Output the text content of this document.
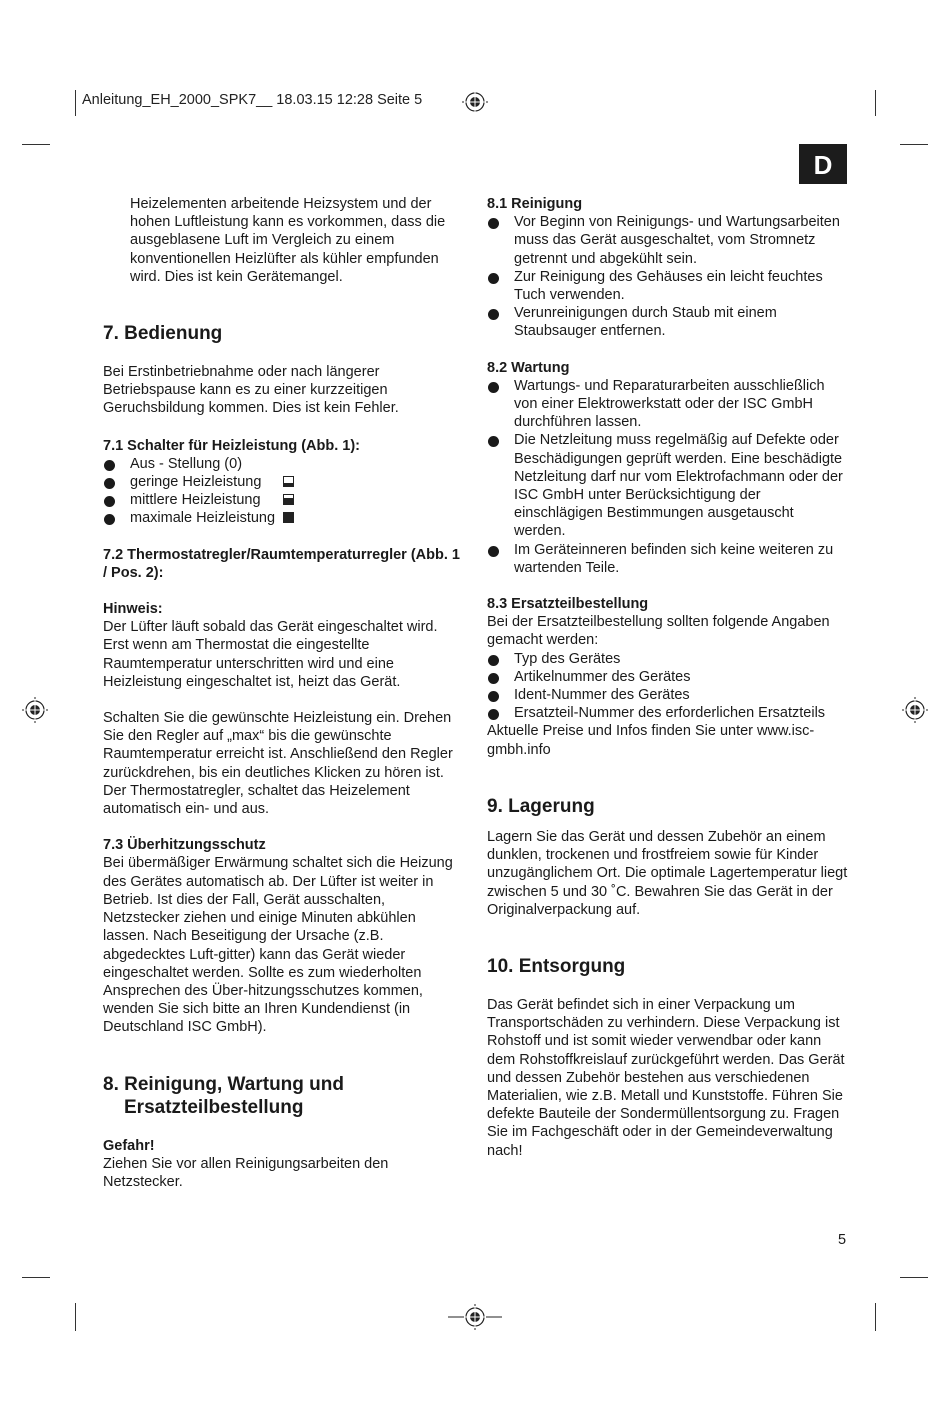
Anleitung_EH_2000_SPK7__ 18.03.15 12:28 Seite 5
D

Heizelementen arbeitende Heizsystem und der hohen Luftleistung kann es vorkommen, dass die ausgeblasene Luft im Vergleich zu einem konventionellen Heizlüfter als kühler empfunden wird. Dies ist kein Gerätemangel.

7. Bedienung

Bei Erstinbetriebnahme oder nach längerer Betriebspause kann es zu einer kurzzeitigen Geruchsbildung kommen. Dies ist kein Fehler.

7.1 Schalter für Heizleistung (Abb. 1):

Aus - Stellung (0)
geringe Heizleistung
mittlere Heizleistung
maximale Heizleistung

7.2 Thermostatregler/Raumtemperaturregler (Abb. 1 / Pos. 2):

Hinweis:

Der Lüfter läuft sobald das Gerät eingeschaltet wird. Erst wenn am Thermostat die eingestellte Raumtemperatur unterschritten wird und eine Heizleistung eingeschaltet ist, heizt das Gerät.

Schalten Sie die gewünschte Heizleistung ein. Drehen Sie den Regler auf „max“ bis die gewünschte Raumtemperatur erreicht ist. Anschließend den Regler zurückdrehen, bis ein deutliches Klicken zu hören ist. Der Thermostatregler, schaltet das Heizelement automatisch ein- und aus.

7.3 Überhitzungsschutz

Bei übermäßiger Erwärmung schaltet sich die Heizung des Gerätes automatisch ab. Der Lüfter ist weiter in Betrieb. Ist dies der Fall, Gerät ausschalten, Netzstecker ziehen und einige Minuten abkühlen lassen. Nach Beseitigung der Ursache (z.B. abgedecktes Luft-gitter) kann das Gerät wieder eingeschaltet werden. Sollte es zum wiederholten Ansprechen des Über-hitzungsschutzes kommen, wenden Sie sich bitte an Ihren Kundendienst (in Deutschland ISC GmbH).

8. Reinigung, Wartung und
Ersatzteilbestellung

Gefahr!

Ziehen Sie vor allen Reinigungsarbeiten den Netzstecker.

8.1 Reinigung

Vor Beginn von Reinigungs- und Wartungsarbeiten muss das Gerät ausgeschaltet, vom Stromnetz getrennt und abgekühlt sein.
Zur Reinigung des Gehäuses ein leicht feuchtes Tuch verwenden.
Verunreinigungen durch Staub mit einem Staubsauger entfernen.

8.2 Wartung

Wartungs- und Reparaturarbeiten ausschließlich von einer Elektrowerkstatt oder der ISC GmbH durchführen lassen.
Die Netzleitung muss regelmäßig auf Defekte oder Beschädigungen geprüft werden. Eine beschädigte Netzleitung darf nur vom Elektrofachmann oder der ISC GmbH unter Berücksichtigung der einschlägigen Bestimmungen ausgetauscht werden.
Im Geräteinneren befinden sich keine weiteren zu wartenden Teile.

8.3 Ersatzteilbestellung

Bei der Ersatzteilbestellung sollten folgende Angaben gemacht werden:

Typ des Gerätes
Artikelnummer des Gerätes
Ident-Nummer des Gerätes
Ersatzteil-Nummer des erforderlichen Ersatzteils

Aktuelle Preise und Infos finden Sie unter www.isc-gmbh.info

9. Lagerung

Lagern Sie das Gerät und dessen Zubehör an einem dunklen, trockenen und frostfreiem sowie für Kinder unzugänglichem Ort. Die optimale Lagertemperatur liegt zwischen 5 und 30 ˚C. Bewahren Sie das Gerät in der Originalverpackung auf.

10. Entsorgung

Das Gerät befindet sich in einer Verpackung um Transportschäden zu verhindern. Diese Verpackung ist Rohstoff und ist somit wieder verwendbar oder kann dem Rohstoffkreislauf zurückgeführt werden. Das Gerät und dessen Zubehör bestehen aus verschiedenen Materialien, wie z.B. Metall und Kunststoffe. Führen Sie defekte Bauteile der Sondermüllentsorgung zu. Fragen Sie im Fachgeschäft oder in der Gemeindeverwaltung nach!

5
